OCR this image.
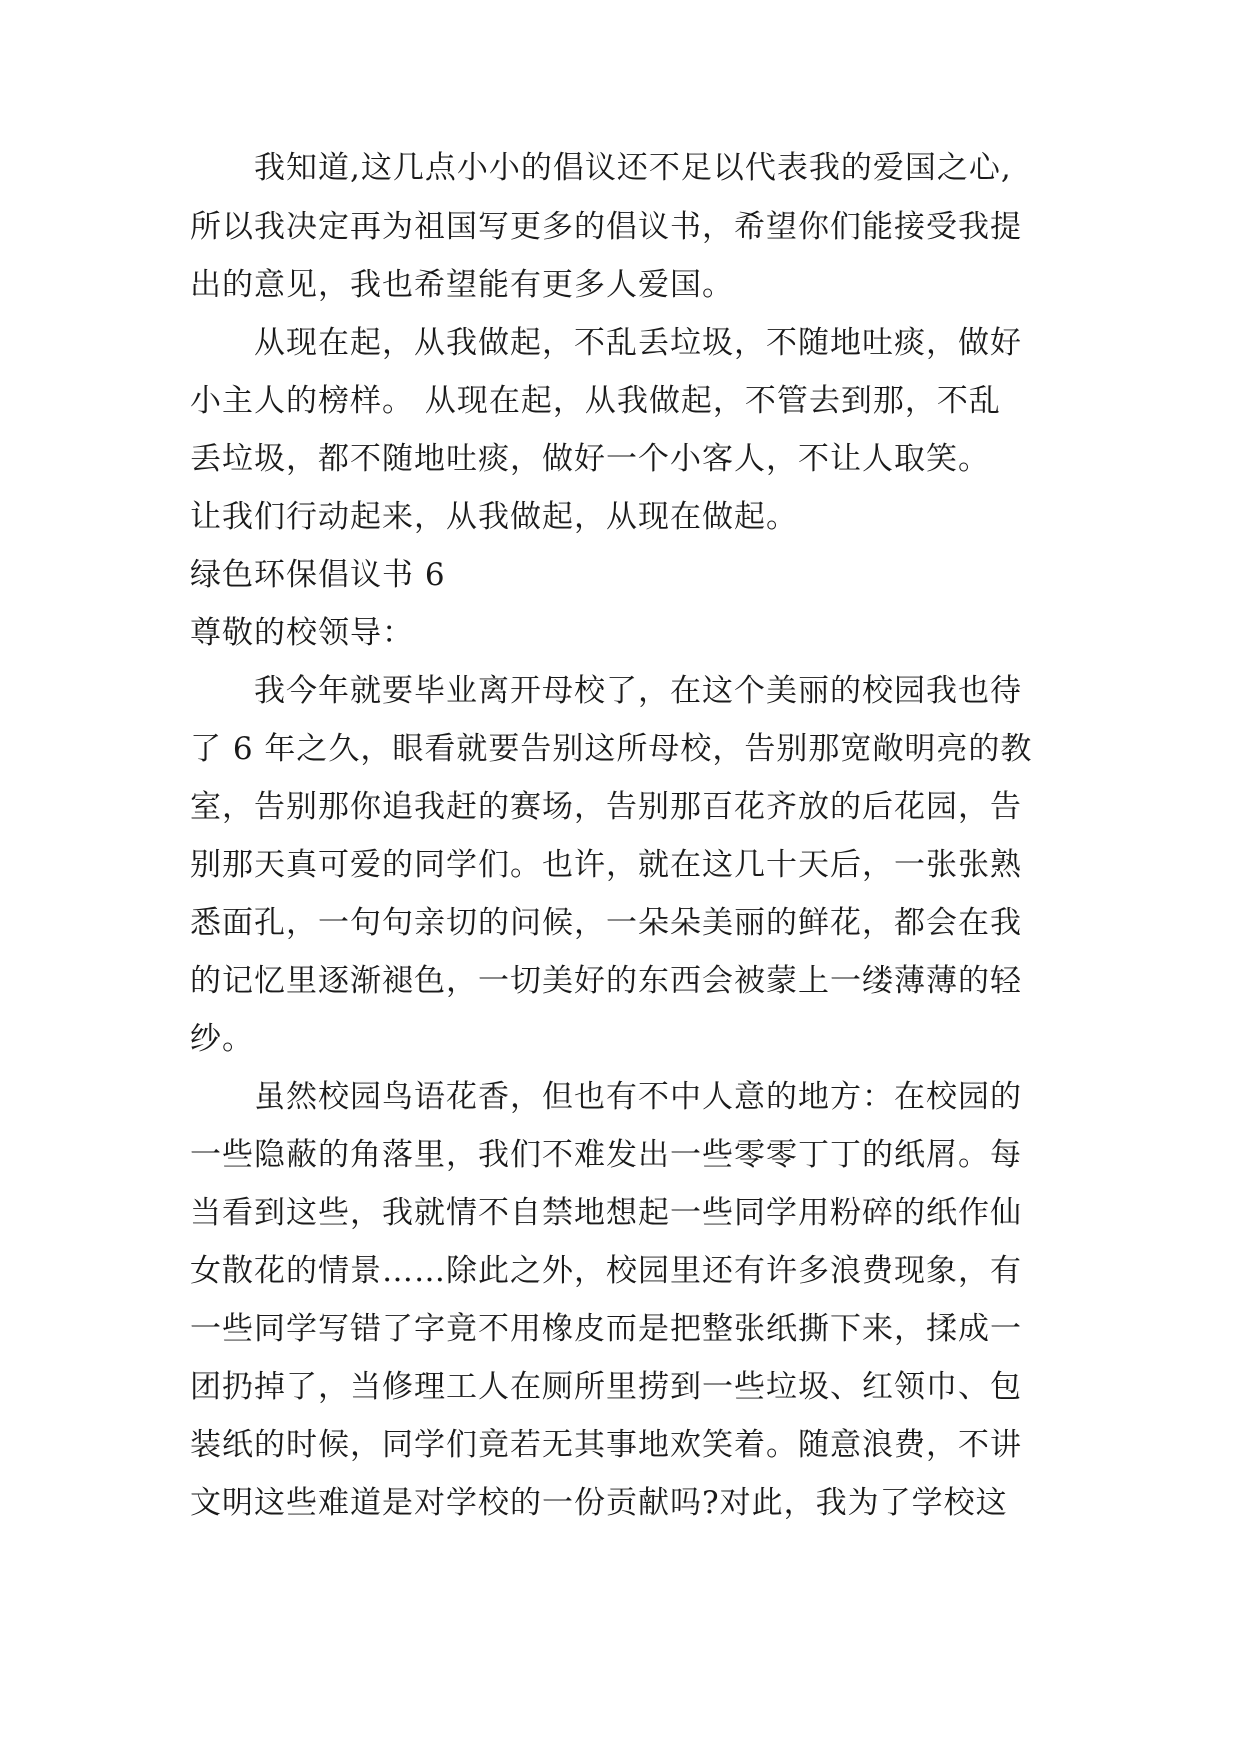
我知道,这几点小小的倡议还不足以代表我的爱国之心,
所以我决定再为祖国写更多的倡议书，希望你们能接受我提
出的意见，我也希望能有更多人爱国。
从现在起，从我做起，不乱丢垃圾，不随地吐痰，做好
小主人的榜样。 从现在起，从我做起，不管去到那，不乱
丢垃圾，都不随地吐痰，做好一个小客人，不让人取笑。
让我们行动起来，从我做起，从现在做起。
绿色环保倡议书 6
尊敬的校领导：
我今年就要毕业离开母校了，在这个美丽的校园我也待
了 6 年之久，眼看就要告别这所母校，告别那宽敞明亮的教
室，告别那你追我赶的赛场，告别那百花齐放的后花园，告
别那天真可爱的同学们。也许，就在这几十天后，一张张熟
悉面孔，一句句亲切的问候，一朵朵美丽的鲜花，都会在我
的记忆里逐渐褪色，一切美好的东西会被蒙上一缕薄薄的轻
纱。
虽然校园鸟语花香，但也有不中人意的地方：在校园的
一些隐蔽的角落里，我们不难发出一些零零丁丁的纸屑。每
当看到这些，我就情不自禁地想起一些同学用粉碎的纸作仙
女散花的情景……除此之外，校园里还有许多浪费现象，有
一些同学写错了字竟不用橡皮而是把整张纸撕下来，揉成一
团扔掉了，当修理工人在厕所里捞到一些垃圾、红领巾、包
装纸的时候，同学们竟若无其事地欢笑着。随意浪费，不讲
文明这些难道是对学校的一份贡献吗?对此，我为了学校这
